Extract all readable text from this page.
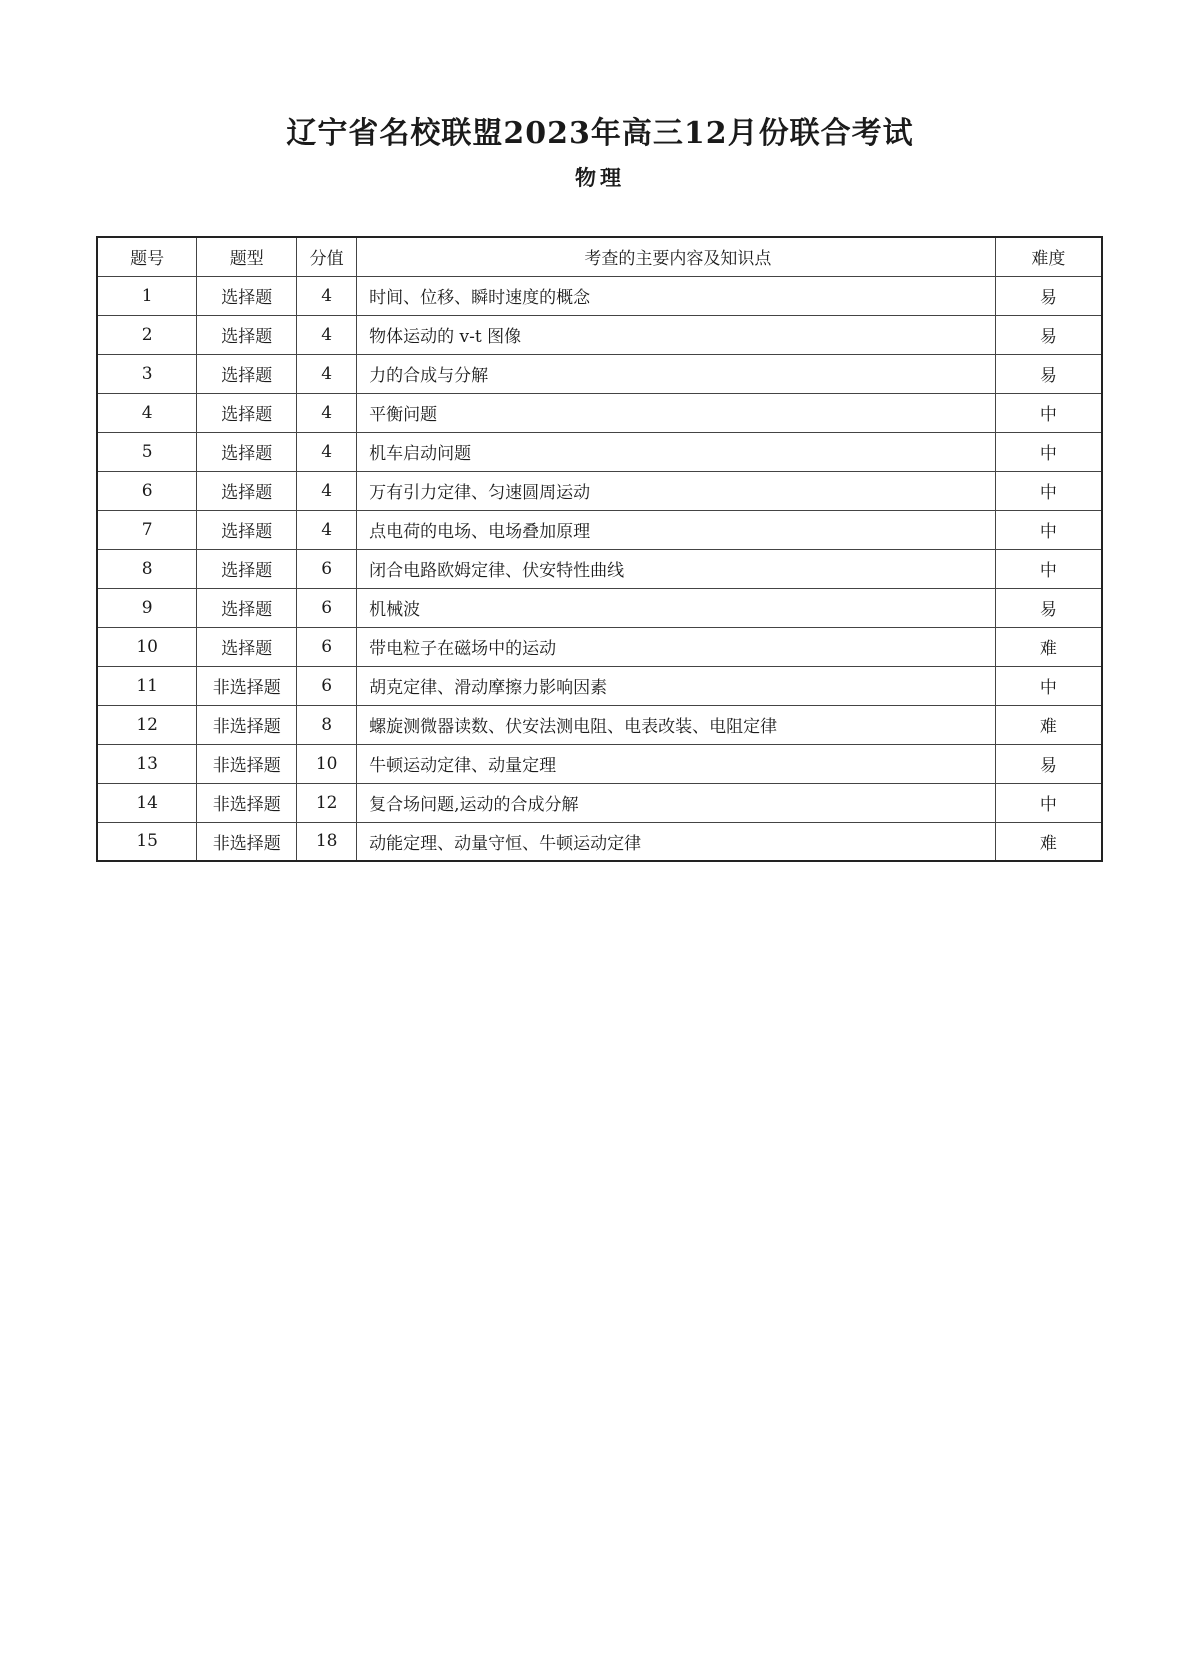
辽宁省名校联盟2023年高三12月份联合考试
物理
题号	题型	分值	考查的主要内容及知识点	难度
1	选择题	4	时间、位移、瞬时速度的概念	易
2	选择题	4	物体运动的 v-t 图像	易
3	选择题	4	力的合成与分解	易
4	选择题	4	平衡问题	中
5	选择题	4	机车启动问题	中
6	选择题	4	万有引力定律、匀速圆周运动	中
7	选择题	4	点电荷的电场、电场叠加原理	中
8	选择题	6	闭合电路欧姆定律、伏安特性曲线	中
9	选择题	6	机械波	易
10	选择题	6	带电粒子在磁场中的运动	难
11	非选择题	6	胡克定律、滑动摩擦力影响因素	中
12	非选择题	8	螺旋测微器读数、伏安法测电阻、电表改装、电阻定律	难
13	非选择题	10	牛顿运动定律、动量定理	易
14	非选择题	12	复合场问题,运动的合成分解	中
15	非选择题	18	动能定理、动量守恒、牛顿运动定律	难
